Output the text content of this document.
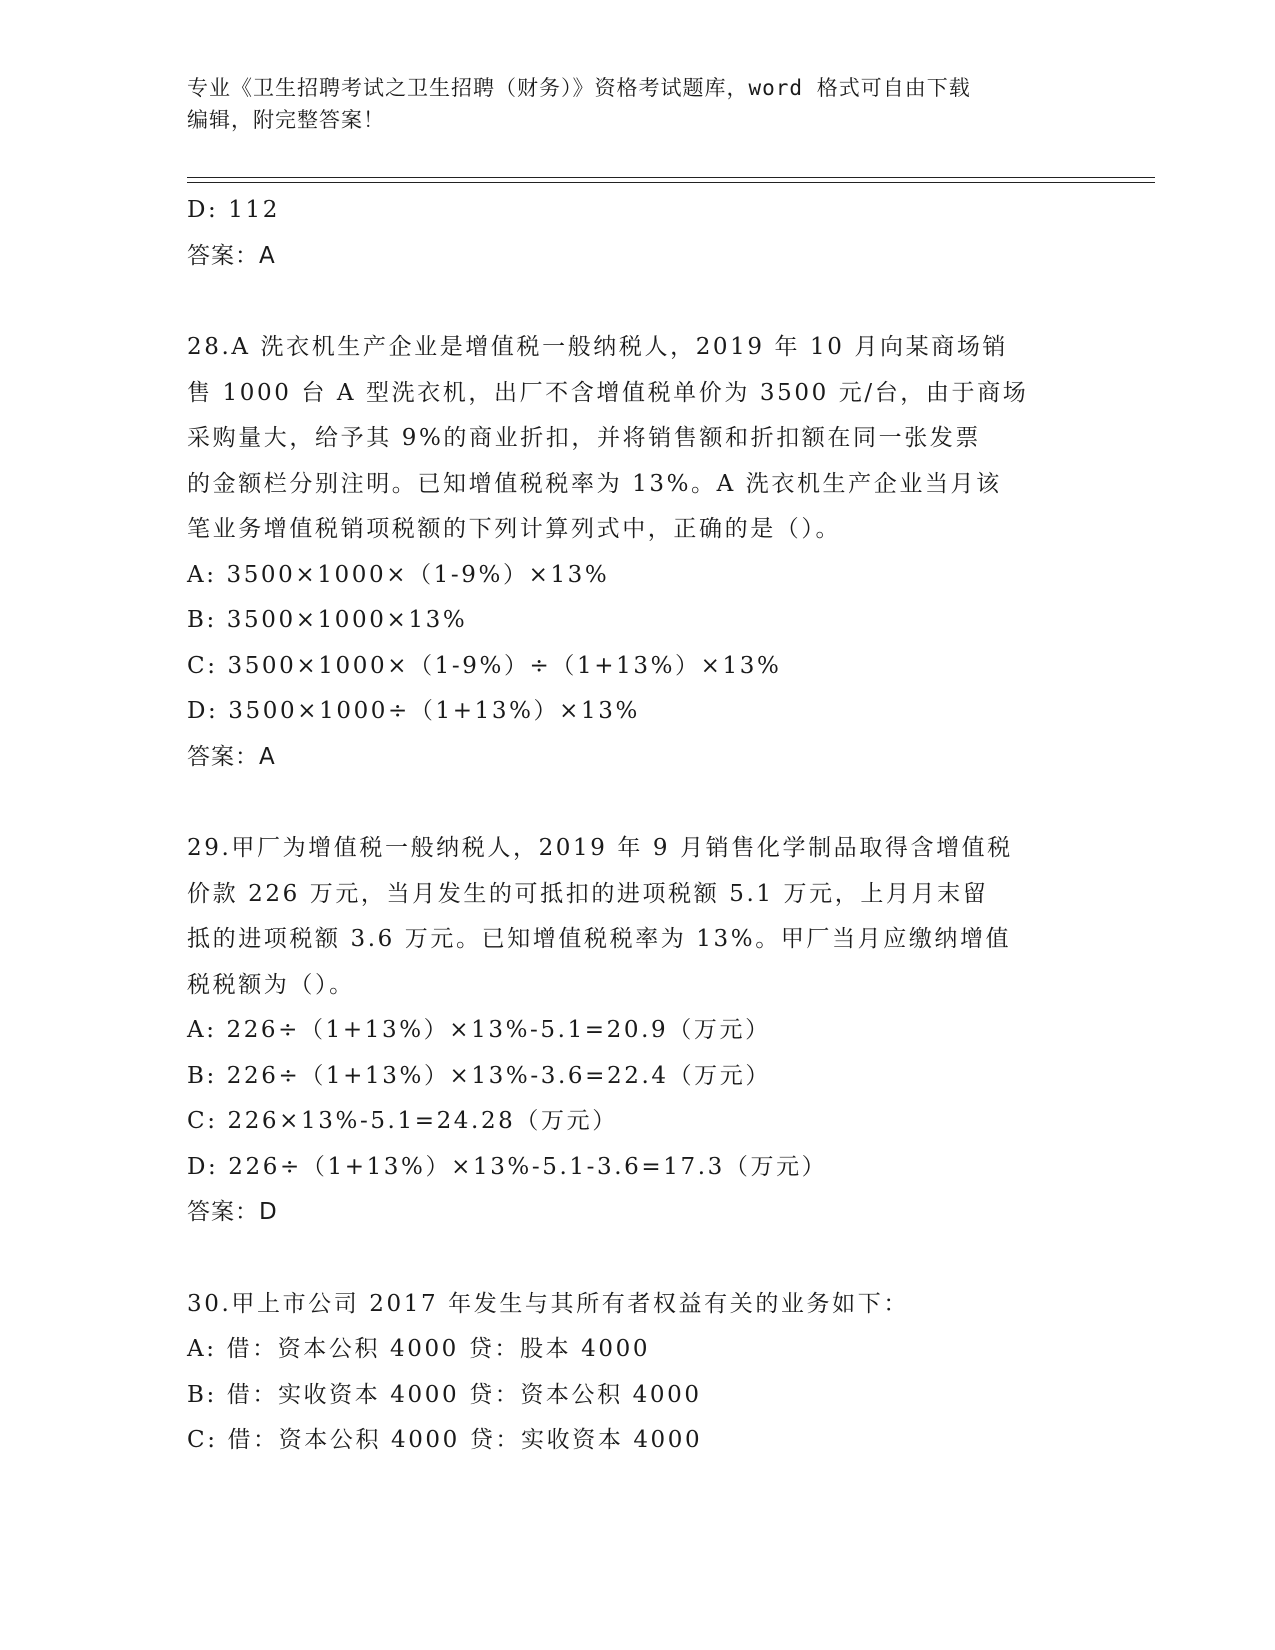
专业《卫生招聘考试之卫生招聘（财务）》资格考试题库，word 格式可自由下载
编辑，附完整答案！
D: 112
答案：A
28.A 洗衣机生产企业是增值税一般纳税人，2019 年 10 月向某商场销
售 1000 台 A 型洗衣机，出厂不含增值税单价为 3500 元/台，由于商场
采购量大，给予其 9%的商业折扣，并将销售额和折扣额在同一张发票
的金额栏分别注明。已知增值税税率为 13%。A 洗衣机生产企业当月该
笔业务增值税销项税额的下列计算列式中，正确的是（）。
A: 3500×1000×（1-9%）×13%
B: 3500×1000×13%
C: 3500×1000×（1-9%）÷（1+13%）×13%
D: 3500×1000÷（1+13%）×13%
答案：A
29.甲厂为增值税一般纳税人，2019 年 9 月销售化学制品取得含增值税
价款 226 万元，当月发生的可抵扣的进项税额 5.1 万元，上月月末留
抵的进项税额 3.6 万元。已知增值税税率为 13%。甲厂当月应缴纳增值
税税额为（）。
A: 226÷（1+13%）×13%-5.1=20.9（万元）
B: 226÷（1+13%）×13%-3.6=22.4（万元）
C: 226×13%-5.1=24.28（万元）
D: 226÷（1+13%）×13%-5.1-3.6=17.3（万元）
答案：D
30.甲上市公司 2017 年发生与其所有者权益有关的业务如下：
A: 借：资本公积 4000 贷：股本 4000
B: 借：实收资本 4000 贷：资本公积 4000
C: 借：资本公积 4000 贷：实收资本 4000
